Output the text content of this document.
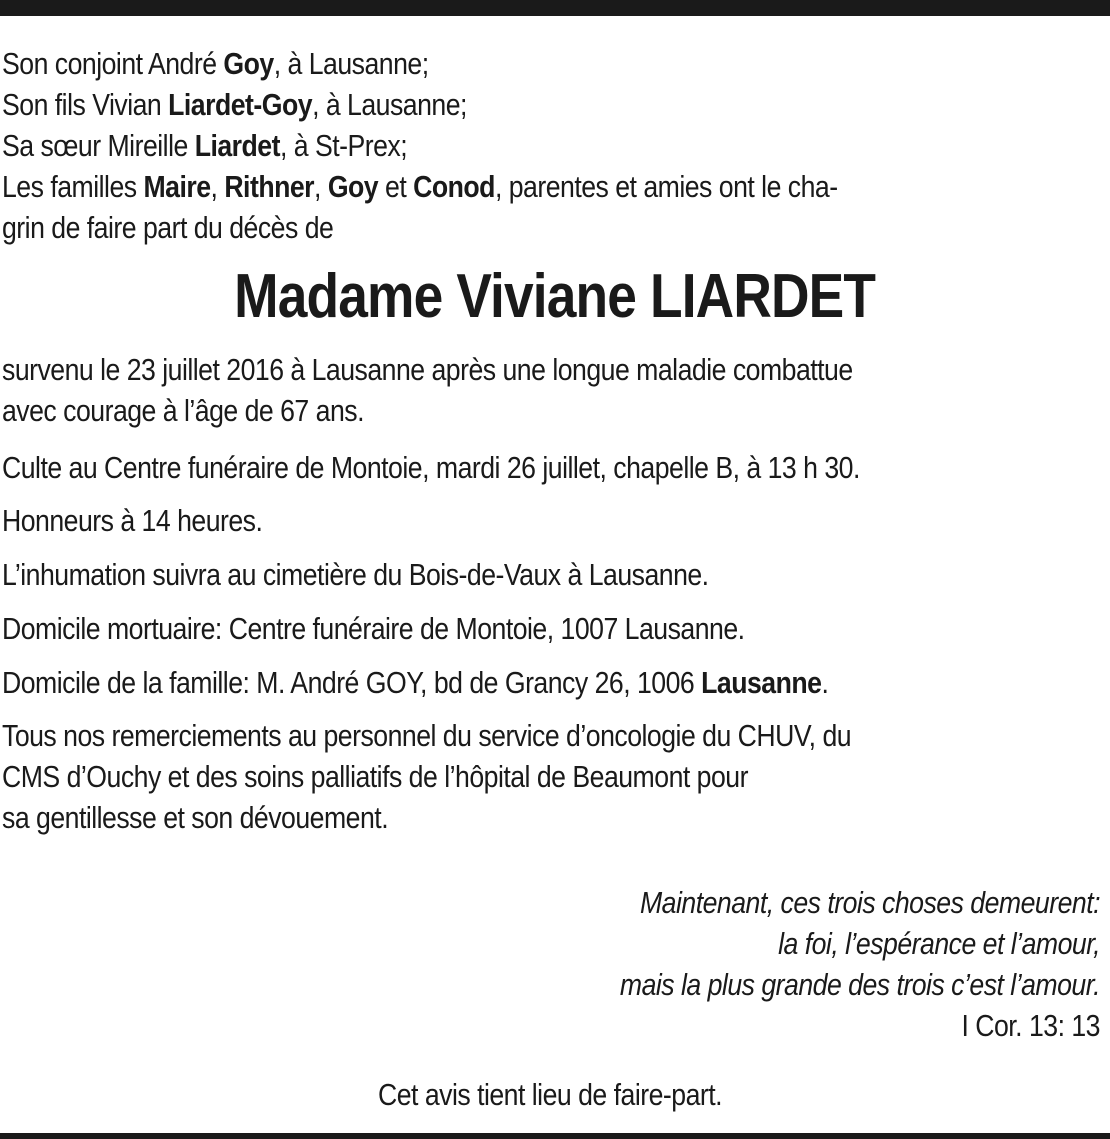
Son conjoint André Goy, à Lausanne;
Son fils Vivian Liardet-Goy, à Lausanne;
Sa sœur Mireille Liardet, à St-Prex;
Les familles Maire, Rithner, Goy et Conod, parentes et amies ont le cha-
grin de faire part du décès de
Madame Viviane LIARDET
survenu le 23 juillet 2016 à Lausanne après une longue maladie combattue
avec courage à l’âge de 67 ans.
Culte au Centre funéraire de Montoie, mardi 26 juillet, chapelle B, à 13 h 30.
Honneurs à 14 heures.
L’inhumation suivra au cimetière du Bois-de-Vaux à Lausanne.
Domicile mortuaire: Centre funéraire de Montoie, 1007 Lausanne.
Domicile de la famille: M. André GOY, bd de Grancy 26, 1006 Lausanne.
Tous nos remerciements au personnel du service d’oncologie du CHUV, du
CMS d’Ouchy et des soins palliatifs de l’hôpital de Beaumont pour
sa gentillesse et son dévouement.
Maintenant, ces trois choses demeurent:
la foi, l’espérance et l’amour,
mais la plus grande des trois c’est l’amour.
I Cor. 13: 13
Cet avis tient lieu de faire-part.
